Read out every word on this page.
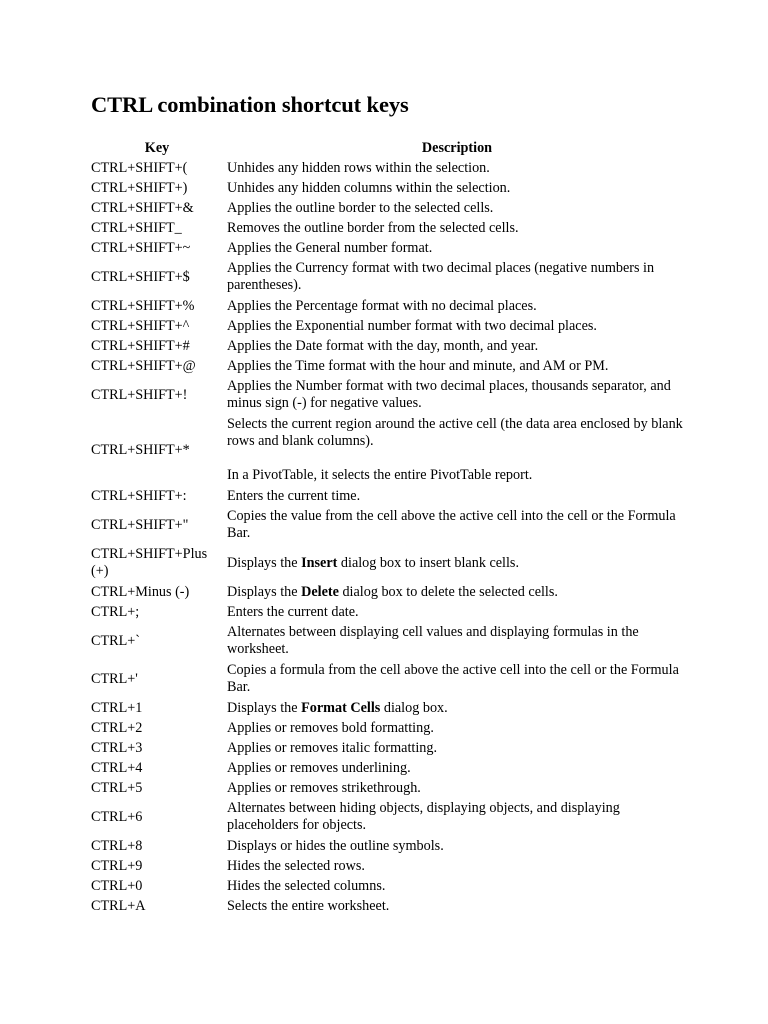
CTRL combination shortcut keys
Key	Description
CTRL+SHIFT+(	Unhides any hidden rows within the selection.
CTRL+SHIFT+)	Unhides any hidden columns within the selection.
CTRL+SHIFT+&	Applies the outline border to the selected cells.
CTRL+SHIFT_	Removes the outline border from the selected cells.
CTRL+SHIFT+~	Applies the General number format.
CTRL+SHIFT+$	Applies the Currency format with two decimal places (negative numbers in parentheses).
CTRL+SHIFT+%	Applies the Percentage format with no decimal places.
CTRL+SHIFT+^	Applies the Exponential number format with two decimal places.
CTRL+SHIFT+#	Applies the Date format with the day, month, and year.
CTRL+SHIFT+@	Applies the Time format with the hour and minute, and AM or PM.
CTRL+SHIFT+!	Applies the Number format with two decimal places, thousands separator, and minus sign (-) for negative values.
CTRL+SHIFT+*	Selects the current region around the active cell (the data area enclosed by blank rows and blank columns).
In a PivotTable, it selects the entire PivotTable report.

CTRL+SHIFT+:	Enters the current time.
CTRL+SHIFT+"	Copies the value from the cell above the active cell into the cell or the Formula Bar.
CTRL+SHIFT+Plus (+)	Displays the Insert dialog box to insert blank cells.
CTRL+Minus (-)	Displays the Delete dialog box to delete the selected cells.
CTRL+;	Enters the current date.
CTRL+`	Alternates between displaying cell values and displaying formulas in the worksheet.
CTRL+'	Copies a formula from the cell above the active cell into the cell or the Formula Bar.
CTRL+1	Displays the Format Cells dialog box.
CTRL+2	Applies or removes bold formatting.
CTRL+3	Applies or removes italic formatting.
CTRL+4	Applies or removes underlining.
CTRL+5	Applies or removes strikethrough.
CTRL+6	Alternates between hiding objects, displaying objects, and displaying placeholders for objects.
CTRL+8	Displays or hides the outline symbols.
CTRL+9	Hides the selected rows.
CTRL+0	Hides the selected columns.
CTRL+A	Selects the entire worksheet.
